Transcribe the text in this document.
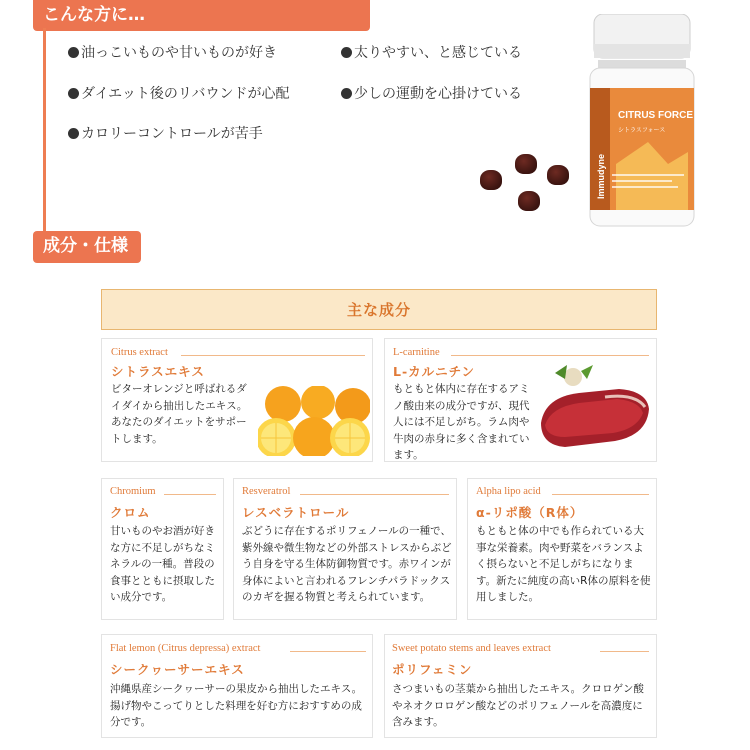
こんな方に…
油っこいものや甘いものが好き
ダイエット後のリバウンドが心配
カロリーコントロールが苦手
太りやすい、と感じている
少しの運動を心掛けている
CITRUS FORCE
シトラスフォース
Immudyne
成分・仕様
主な成分
Citrus extract
シトラスエキス
ビターオレンジと呼ばれるダイダイから抽出したエキス。あなたのダイエットをサポートします。
L-carnitine
L-カルニチン
もともと体内に存在するアミノ酸由来の成分ですが、現代人には不足しがち。ラム肉や牛肉の赤身に多く含まれています。
Chromium
クロム
甘いものやお酒が好きな方に不足しがちなミネラルの一種。普段の食事とともに摂取したい成分です。
Resveratrol
レスベラトロール
ぶどうに存在するポリフェノールの一種で、紫外線や微生物などの外部ストレスからぶどう自身を守る生体防御物質です。赤ワインが身体によいと言われるフレンチパラドックスのカギを握る物質と考えられています。
Alpha lipo acid
α-リポ酸（R体）
もともと体の中でも作られている大事な栄養素。肉や野菜をバランスよく摂らないと不足しがちになります。新たに純度の高いR体の原料を使用しました。
Flat lemon (Citrus depressa) extract
シークヮーサーエキス
沖縄県産シークヮーサーの果皮から抽出したエキス。揚げ物やこってりとした料理を好む方におすすめの成分です。
Sweet potato stems and leaves extract
ポリフェミン
さつまいもの茎葉から抽出したエキス。クロロゲン酸やネオクロロゲン酸などのポリフェノールを高濃度に含みます。
